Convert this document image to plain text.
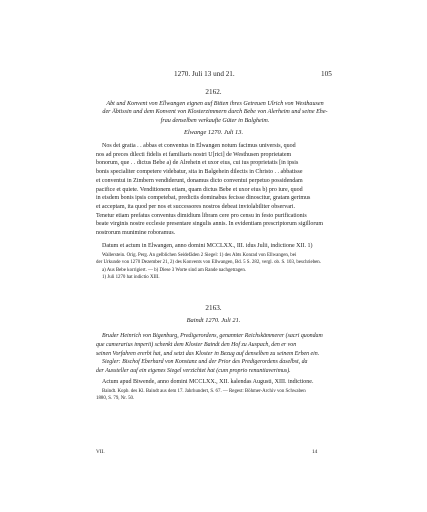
1270. Juli 13 und 21.	105
2162.
Abt und Konvent von Ellwangen eignen auf Bitten ihres Getreuen Ulrich von Westhausen
der Äbtissin und dem Konvent von Klosterzimmern durch Bebe von Alerheim und seine Ehe-
frau denselben verkaufte Güter in Balgheim.
Elwange 1270. Juli 13.
Nos dei gratia . . abbas et conventus in Elwangen notum facimus universis, quod
nos ad preces dilecti fidelis et familiaris nostri U[rici] de Westhusen proprietatem
bonorum, que . . dictus Bebe a) de Alrehein et uxor eius, cui ius proprietatis [in ipsis
bonis specialiter competere videbatur, sita in Balgehein dilectis in Christo . . abbatisse
et conventui in Zimbern vendiderunt, donamus dicto conventui perpetuo possidendam
pacifice et quiete. Venditionem etiam, quam dictus Bebe et uxor eius b) pro iure, quod
in eisdem bonis ipsis competebat, predictis dominabus fecisse dinoscitur, gratam gerimus
et acceptam, ita quod per nos et successores nostros debeat inviolabiliter observari.
Tenetur etiam prefatus conventus dimidium libram cere pro censu in festo purificationis
beate virginis nostre ecclesie presentare singulis annis. In evidentiam prescriptorum sigillorum
nostrorum munimine roboramus.
Datum et actum in Elwangen, anno domini MCCLXX., III. idus Julii, indictione XII. 1)
Wallerstein. Orig. Perg. An gelblichen Seidefäden 2 Siegel: 1) des Abts Konrad von Ellwangen, bei
der Urkunde von 1270 Dezember 21, 2) des Konvents von Ellwangen, Bd. 5 S. 282, vergl. ob. S. 103, beschrieben.
a) Aus Bebe korrigiert. — b) Diese 3 Worte sind am Rande nachgetragen.
1) Juli 1270 hat indictio XIII.
2163.
Baindt 1270. Juli 21.
Bruder Heinrich von Bigenburg, Predigerordens, genannter Reichskämmerer (sacri quondam
que camerarius imperii) schenkt dem Kloster Baindt den Hof zu Auspach, den er von
seinen Vorfahren ererbt hat, und setzt das Kloster in Bezug auf denselben zu seinem Erben ein.
Siegler: Bischof Eberhard von Konstanz und der Prior des Predigerordens daselbst, da
der Aussteller auf ein eigenes Siegel verzichtet hat (cum proprio renuntiaverimus).
Actum apud Biwende, anno domini MCCLXX., XII. kalendas Augusti, XIII. indictione.
Baindt. Kopb. des Kl. Baindt aus dem 17. Jahrhundert, S. 67. — Regest: Böhmer-Archiv von Schwaben
1880, S. 79, Nr. 50.
VII.	14
